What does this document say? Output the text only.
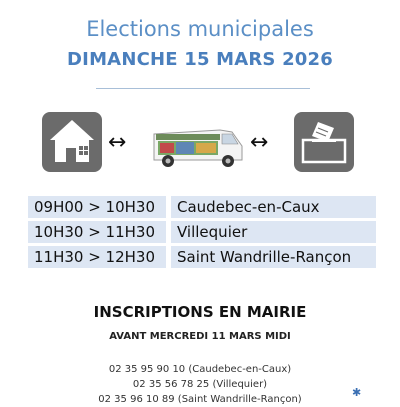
Elections municipales
DIMANCHE 15 MARS 2026
↔	↔
09H00 > 10H30	Caudebec-en-Caux
10H30 > 11H30	Villequier
11H30 > 12H30	Saint Wandrille-Rançon
INSCRIPTIONS EN MAIRIE
AVANT MERCREDI 11 MARS MIDI
02 35 95 90 10 (Caudebec-en-Caux)
02 35 56 78 25 (Villequier)
02 35 96 10 89 (Saint Wandrille-Rançon)
✱
